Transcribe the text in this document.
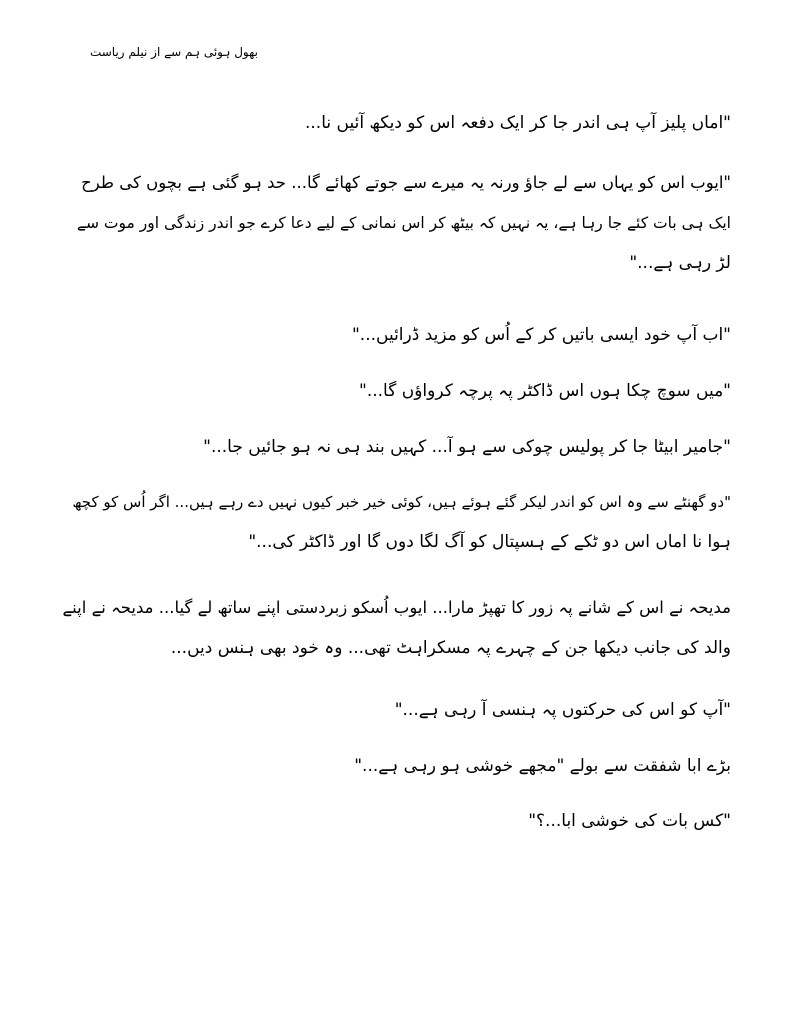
بھول ہوئی ہم سے از نیلم ریاست

"اماں پلیز آپ ہی اندر جا کر ایک دفعہ اس کو دیکھ آئیں نا...

"ایوب اس کو یہاں سے لے جاؤ ورنہ یہ میرے سے جوتے کھائے گا... حد ہو گئی ہے بچوں کی طرح
ایک ہی بات کئے جا رہا ہے، یہ نہیں کہ بیٹھ کر اس نمانی کے لیے دعا کرے جو اندر زندگی اور موت سے
لڑ رہی ہے..."

"اب آپ خود ایسی باتیں کر کے اُس کو مزید ڈرائیں..."

"میں سوچ چکا ہوں اس ڈاکٹر پہ پرچہ کرواؤں گا..."

"جامیر ابیٹا جا کر پولیس چوکی سے ہو آ... کہیں بند ہی نہ ہو جائیں جا..."

"دو گھنٹے سے وہ اس کو اندر لیکر گئے ہوئے ہیں، کوئی خیر خبر کیوں نہیں دے رہے ہیں... اگر اُس کو کچھ
ہوا نا اماں اس دو ٹکے کے ہسپتال کو آگ لگا دوں گا اور ڈاکٹر کی..."

مدیحہ نے اس کے شانے پہ زور کا تھپڑ مارا... ایوب اُسکو زبردستی اپنے ساتھ لے گیا... مدیحہ نے اپنے
والد کی جانب دیکھا جن کے چہرے پہ مسکراہٹ تھی... وہ خود بھی ہنس دیں...

"آپ کو اس کی حرکتوں پہ ہنسی آ رہی ہے..."

بڑے ابا شفقت سے بولے "مجھے خوشی ہو رہی ہے..."

"کس بات کی خوشی ابا...؟"
